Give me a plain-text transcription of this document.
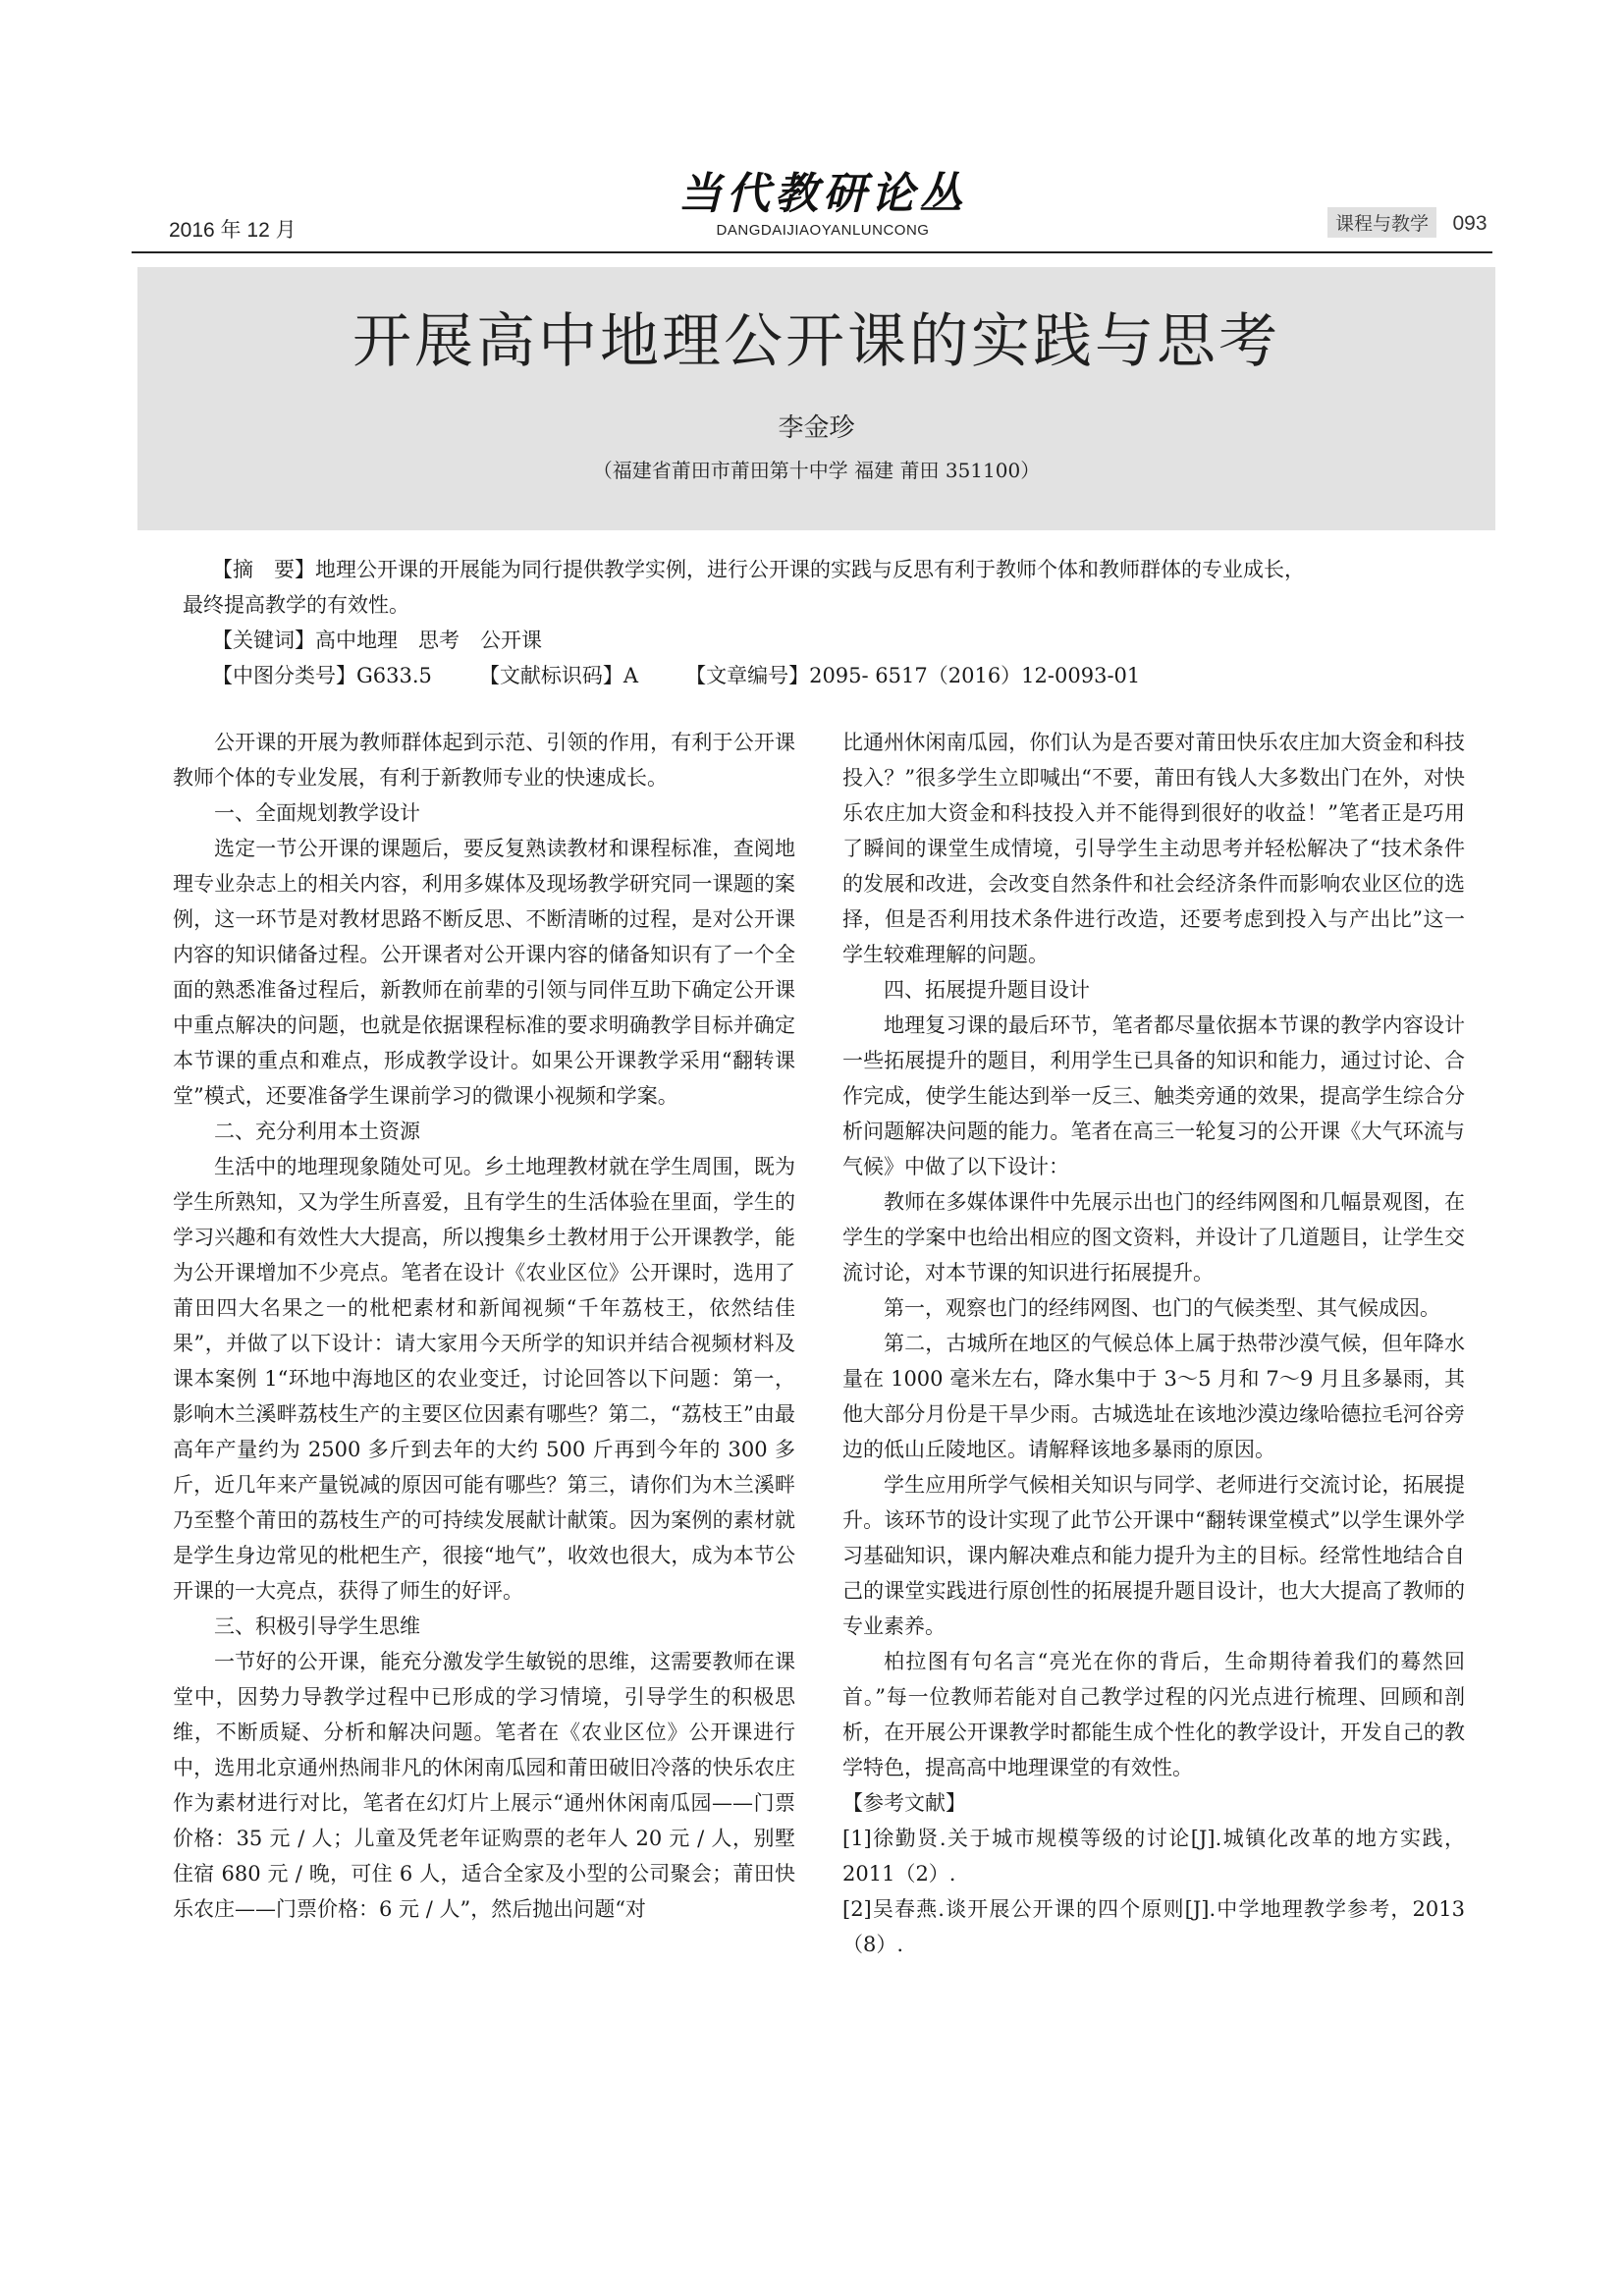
2016 年 12 月
当代教研论丛
DANGDAIJIAOYANLUNCONG	课程与教学 093
开展高中地理公开课的实践与思考
李金珍
（福建省莆田市莆田第十中学 福建 莆田 351100）

【摘　要】地理公开课的开展能为同行提供教学实例，进行公开课的实践与反思有利于教师个体和教师群体的专业成长，

最终提高教学的有效性。

【关键词】高中地理　思考　公开课

【中图分类号】G633.5 【文献标识码】A 【文章编号】2095- 6517（2016）12-0093-01

公开课的开展为教师群体起到示范、引领的作用，有利于公开课教师个体的专业发展，有利于新教师专业的快速成长。

一、全面规划教学设计

选定一节公开课的课题后，要反复熟读教材和课程标准，查阅地理专业杂志上的相关内容，利用多媒体及现场教学研究同一课题的案例，这一环节是对教材思路不断反思、不断清晰的过程，是对公开课内容的知识储备过程。公开课者对公开课内容的储备知识有了一个全面的熟悉准备过程后，新教师在前辈的引领与同伴互助下确定公开课中重点解决的问题，也就是依据课程标准的要求明确教学目标并确定本节课的重点和难点，形成教学设计。如果公开课教学采用“翻转课堂”模式，还要准备学生课前学习的微课小视频和学案。

二、充分利用本土资源

生活中的地理现象随处可见。乡土地理教材就在学生周围，既为学生所熟知，又为学生所喜爱，且有学生的生活体验在里面，学生的学习兴趣和有效性大大提高，所以搜集乡土教材用于公开课教学，能为公开课增加不少亮点。笔者在设计《农业区位》公开课时，选用了莆田四大名果之一的枇杷素材和新闻视频“千年荔枝王，依然结佳果”，并做了以下设计：请大家用今天所学的知识并结合视频材料及课本案例 1“环地中海地区的农业变迁，讨论回答以下问题：第一，影响木兰溪畔荔枝生产的主要区位因素有哪些？第二，“荔枝王”由最高年产量约为 2500 多斤到去年的大约 500 斤再到今年的 300 多斤，近几年来产量锐减的原因可能有哪些？第三，请你们为木兰溪畔乃至整个莆田的荔枝生产的可持续发展献计献策。因为案例的素材就是学生身边常见的枇杷生产，很接“地气”，收效也很大，成为本节公开课的一大亮点，获得了师生的好评。

三、积极引导学生思维

一节好的公开课，能充分激发学生敏锐的思维，这需要教师在课堂中，因势力导教学过程中已形成的学习情境，引导学生的积极思维，不断质疑、分析和解决问题。笔者在《农业区位》公开课进行中，选用北京通州热闹非凡的休闲南瓜园和莆田破旧冷落的快乐农庄作为素材进行对比，笔者在幻灯片上展示“通州休闲南瓜园——门票价格：35 元 / 人；儿童及凭老年证购票的老年人 20 元 / 人，别墅住宿 680 元 / 晚，可住 6 人，适合全家及小型的公司聚会；莆田快乐农庄——门票价格：6 元 / 人”，然后抛出问题“对

比通州休闲南瓜园，你们认为是否要对莆田快乐农庄加大资金和科技投入？”很多学生立即喊出“不要，莆田有钱人大多数出门在外，对快乐农庄加大资金和科技投入并不能得到很好的收益！”笔者正是巧用了瞬间的课堂生成情境，引导学生主动思考并轻松解决了“技术条件的发展和改进，会改变自然条件和社会经济条件而影响农业区位的选择，但是否利用技术条件进行改造，还要考虑到投入与产出比”这一学生较难理解的问题。

四、拓展提升题目设计

地理复习课的最后环节，笔者都尽量依据本节课的教学内容设计一些拓展提升的题目，利用学生已具备的知识和能力，通过讨论、合作完成，使学生能达到举一反三、触类旁通的效果，提高学生综合分析问题解决问题的能力。笔者在高三一轮复习的公开课《大气环流与气候》中做了以下设计：

教师在多媒体课件中先展示出也门的经纬网图和几幅景观图，在学生的学案中也给出相应的图文资料，并设计了几道题目，让学生交流讨论，对本节课的知识进行拓展提升。

第一，观察也门的经纬网图、也门的气候类型、其气候成因。

第二，古城所在地区的气候总体上属于热带沙漠气候，但年降水量在 1000 毫米左右，降水集中于 3～5 月和 7～9 月且多暴雨，其他大部分月份是干旱少雨。古城选址在该地沙漠边缘哈德拉毛河谷旁边的低山丘陵地区。请解释该地多暴雨的原因。

学生应用所学气候相关知识与同学、老师进行交流讨论，拓展提升。该环节的设计实现了此节公开课中“翻转课堂模式”以学生课外学习基础知识，课内解决难点和能力提升为主的目标。经常性地结合自己的课堂实践进行原创性的拓展提升题目设计，也大大提高了教师的专业素养。

柏拉图有句名言“亮光在你的背后，生命期待着我们的蓦然回首。”每一位教师若能对自己教学过程的闪光点进行梳理、回顾和剖析，在开展公开课教学时都能生成个性化的教学设计，开发自己的教学特色，提高高中地理课堂的有效性。

【参考文献】

[1]徐勤贤.关于城市规模等级的讨论[J].城镇化改革的地方实践，2011（2）.

[2]吴春燕.谈开展公开课的四个原则[J].中学地理教学参考，2013（8）.
